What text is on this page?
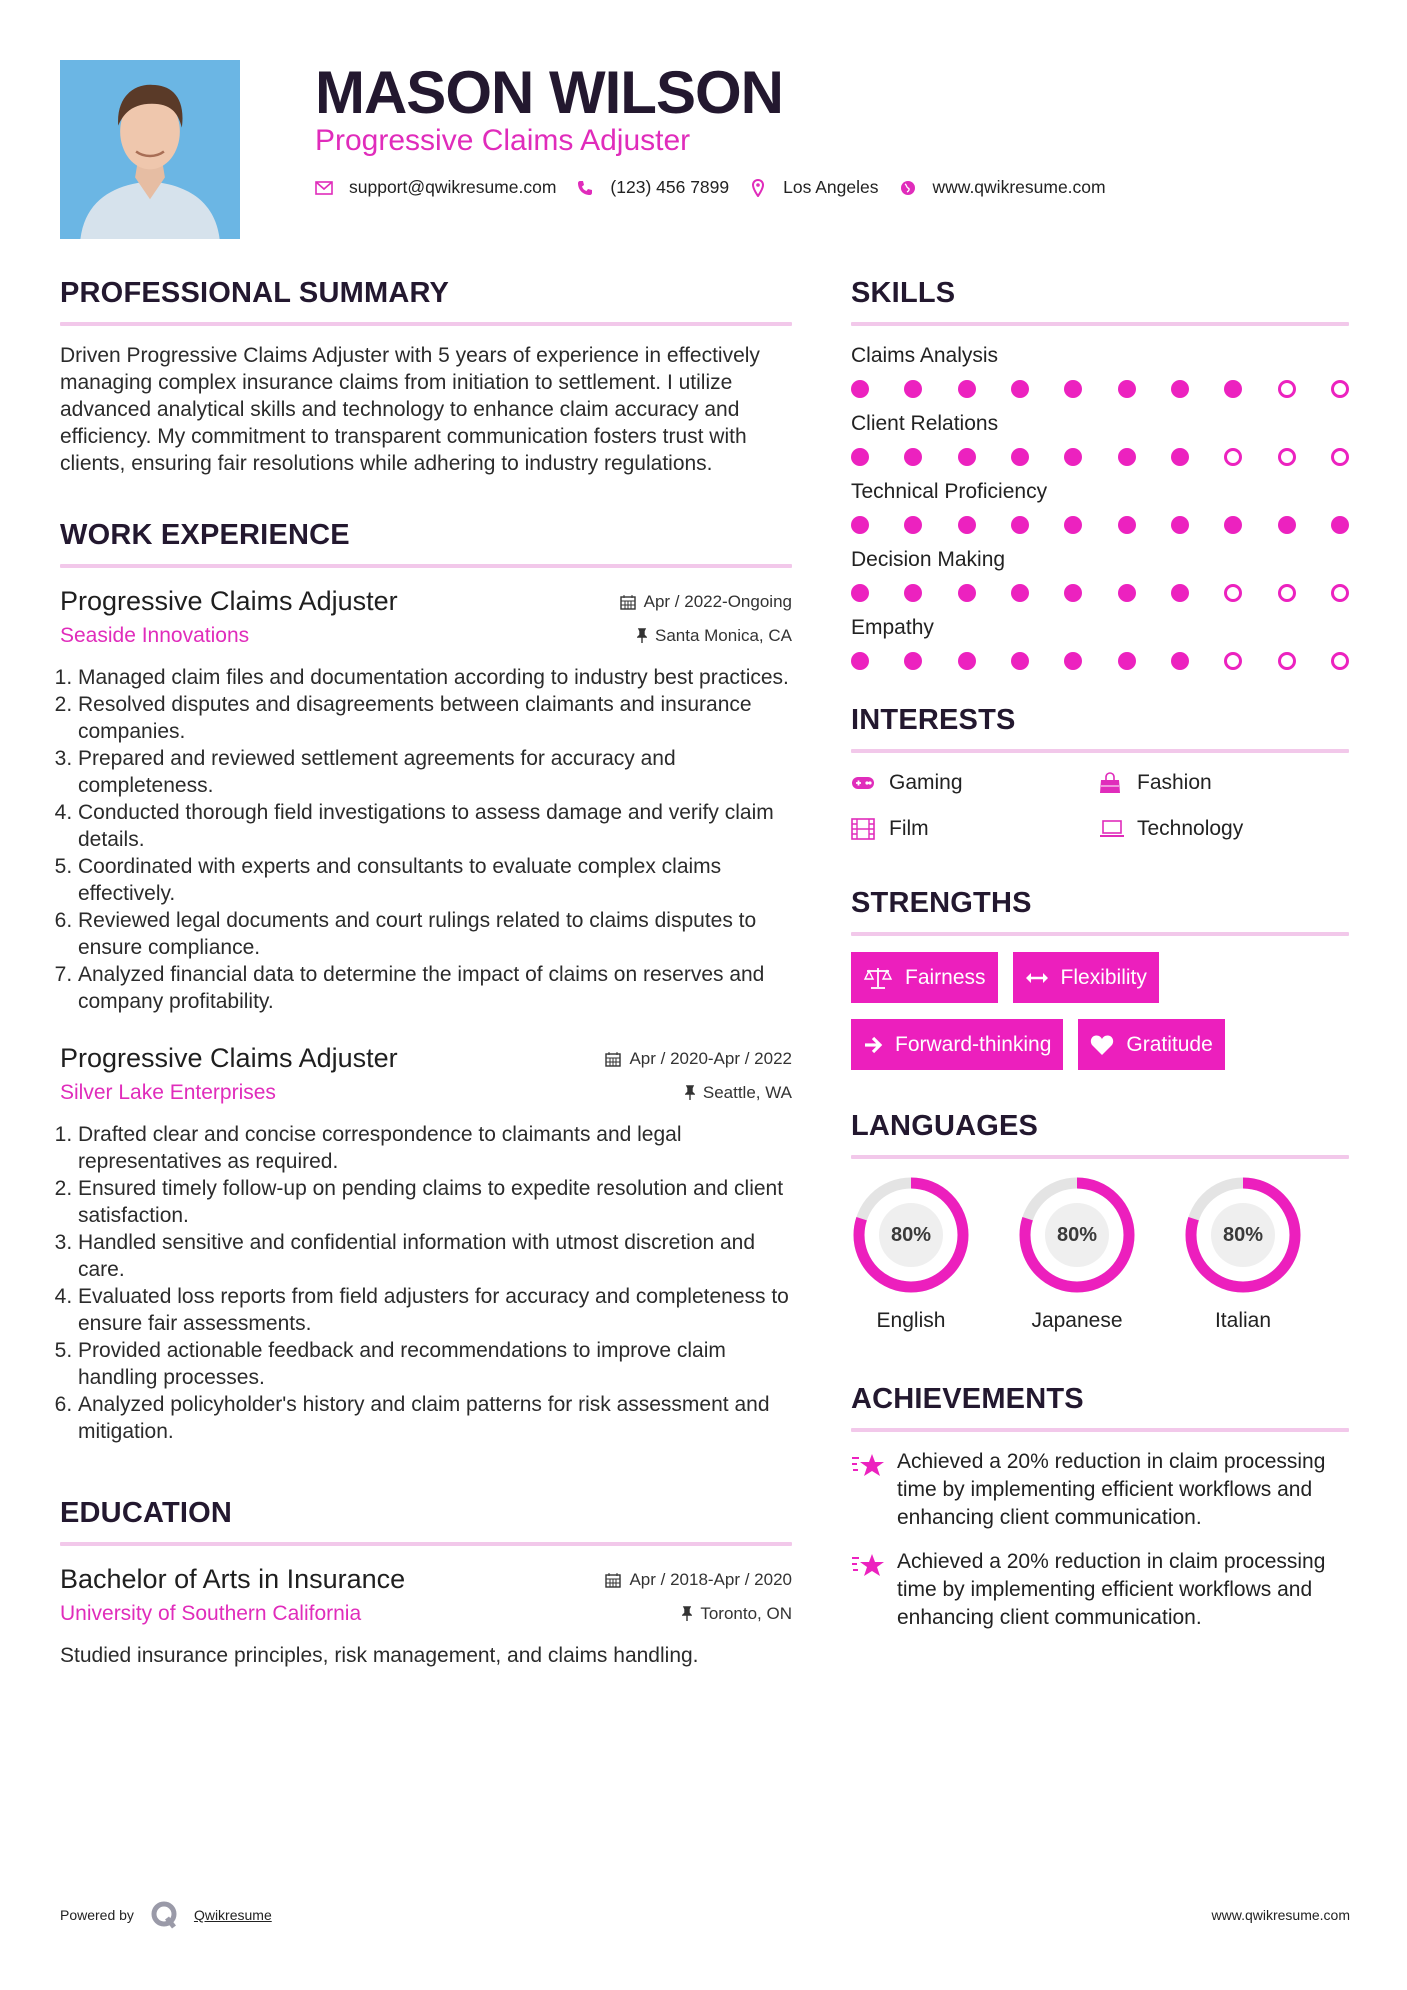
MASON WILSON
Progressive Claims Adjuster
support@qwikresume.com	(123) 456 7899	Los Angeles	www.qwikresume.com
PROFESSIONAL SUMMARY

Driven Progressive Claims Adjuster with 5 years of experience in effectively managing complex insurance claims from initiation to settlement. I utilize advanced analytical skills and technology to enhance claim accuracy and efficiency. My commitment to transparent communication fosters trust with clients, ensuring fair resolutions while adhering to industry regulations.

WORK EXPERIENCE
Progressive Claims Adjuster	Apr / 2022-Ongoing
Seaside Innovations	Santa Monica, CA
1. Managed claim files and documentation according to industry best practices.
2. Resolved disputes and disagreements between claimants and insurance companies.
3. Prepared and reviewed settlement agreements for accuracy and completeness.
4. Conducted thorough field investigations to assess damage and verify claim details.
5. Coordinated with experts and consultants to evaluate complex claims effectively.
6. Reviewed legal documents and court rulings related to claims disputes to ensure compliance.
7. Analyzed financial data to determine the impact of claims on reserves and company profitability.
Progressive Claims Adjuster	Apr / 2020-Apr / 2022
Silver Lake Enterprises	Seattle, WA
1. Drafted clear and concise correspondence to claimants and legal representatives as required.
2. Ensured timely follow-up on pending claims to expedite resolution and client satisfaction.
3. Handled sensitive and confidential information with utmost discretion and care.
4. Evaluated loss reports from field adjusters for accuracy and completeness to ensure fair assessments.
5. Provided actionable feedback and recommendations to improve claim handling processes.
6. Analyzed policyholder's history and claim patterns for risk assessment and mitigation.
EDUCATION
Bachelor of Arts in Insurance	Apr / 2018-Apr / 2020
University of Southern California	Toronto, ON

Studied insurance principles, risk management, and claims handling.

SKILLS
Claims Analysis
Client Relations
Technical Proficiency
Decision Making
Empathy
INTERESTS
Gaming	Fashion
Film	Technology
STRENGTHS
Fairness	Flexibility
Forward-thinking	Gratitude
LANGUAGES
80%
English
80%
Japanese
80%
Italian
ACHIEVEMENTS
Achieved a 20% reduction in claim processing time by implementing efficient workflows and enhancing client communication.
Achieved a 20% reduction in claim processing time by implementing efficient workflows and enhancing client communication.
Powered by	Qwikresume	www.qwikresume.com
